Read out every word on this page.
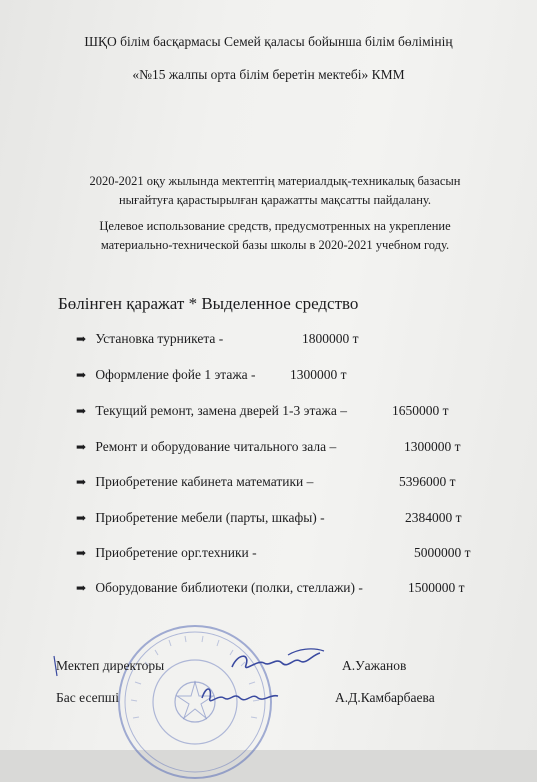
ШҚО білім басқармасы Семей қаласы бойынша білім бөлімінің
«№15 жалпы орта білім беретін мектебі» КММ
2020-2021 оқу жылында мектептің материалдық-техникалық базасын
нығайтуға қарастырылған қаражатты мақсатты пайдалану.
Целевое использование средств, предусмотренных на укрепление
материально-технической базы школы в 2020-2021 учебном году.
Бөлінген қаражат * Выделенное средство
➡ Установка турникета -	1800000 т
➡ Оформление фойе 1 этажа -	1300000 т
➡ Текущий ремонт, замена дверей 1-3 этажа –	1650000 т
➡ Ремонт и оборудование читального зала –	1300000 т
➡ Приобретение кабинета математики –	5396000 т
➡ Приобретение мебели (парты, шкафы) -	2384000 т
➡ Приобретение орг.техники -	5000000 т
➡ Оборудование библиотеки (полки, стеллажи) -	1500000 т
Мектеп директоры	А.Уажанов
Бас есепші	А.Д.Камбарбаева
